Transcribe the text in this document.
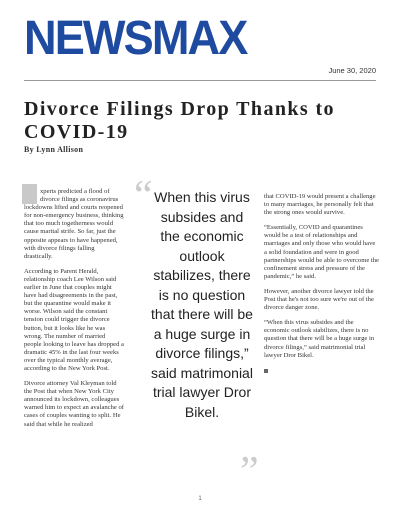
NEWSMAX
June 30, 2020
Divorce Filings Drop Thanks to COVID-19
By Lynn Allison

xperts predicted a flood of divorce filings as coronavirus lockdowns lifted and courts reopened for non-emergency business, thinking that too much togetherness would cause marital strife. So far, just the opposite appears to have happened, with divorce filings falling drastically.

According to Parent Herald, relationship coach Lee Wilson said earlier in June that couples might have had disagreements in the past, but the quarantine would make it worse. Wilson said the constant tension could trigger the divorce button, but it looks like he was wrong. The number of married people looking to leave has dropped a dramatic 45% in the last four weeks over the typical monthly average, according to the New York Post.

Divorce attorney Val Kleyman told the Post that when New York City announced its lockdown, colleagues warned him to expect an avalanche of cases of couples wanting to split. He said that while he realized

“ When this virus subsides and the economic outlook stabilizes, there is no question that there will be a huge surge in divorce filings,” said matrimonial trial lawyer Dror Bikel.
”

that COVID-19 would present a challenge to many marriages, he personally felt that the strong ones would survive.

“Essentially, COVID and quarantines would be a test of relationships and marriages and only those who would have a solid foundation and were in good partnerships would be able to overcome the confinement stress and pressure of the pandemic,” he said.

However, another divorce lawyer told the Post that he's not too sure we're out of the divorce danger zone.

“When this virus subsides and the economic outlook stabilizes, there is no question that there will be a huge surge in divorce filings,” said matrimonial trial lawyer Dror Bikel.

1
